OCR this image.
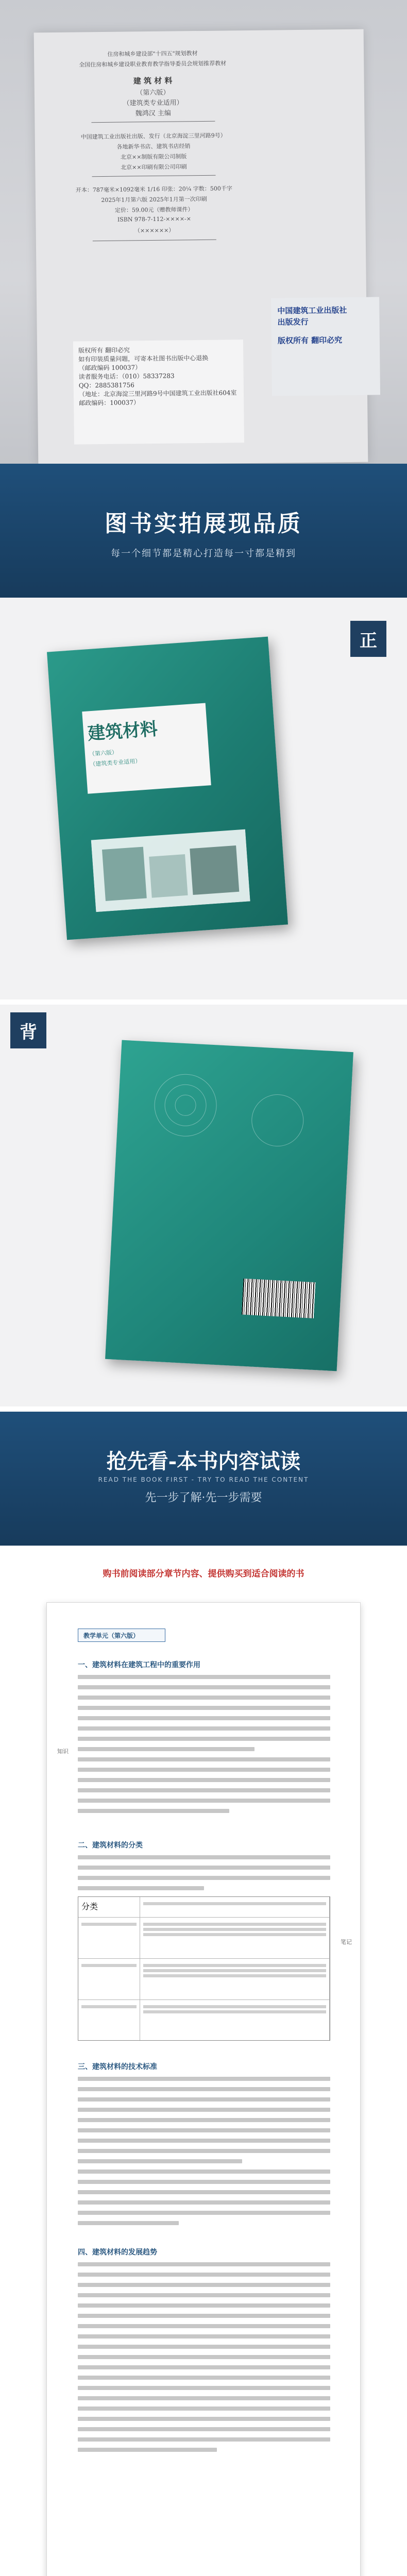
住房和城乡建设部"十四五"规划教材
全国住房和城乡建设职业教育教学指导委员会规划推荐教材
建 筑 材 料
（第六版）
（建筑类专业适用）
魏鸿汉 主编
中国建筑工业出版社出版、发行（北京海淀三里河路9号）
各地新华书店、建筑书店经销
北京××制版有限公司制版
北京××印刷有限公司印刷
开本：787毫米×1092毫米 1/16 印张：20¼ 字数：500千字
2025年1月第六版 2025年1月第一次印刷
定价：59.00元（赠教师课件）
ISBN 978-7-112-××××-×
（××××××）
版权所有 翻印必究
如有印装质量问题，可寄本社图书出版中心退换
（邮政编码 100037）
读者服务电话：（010）58337283
QQ：2885381756
（地址：北京海淀三里河路9号中国建筑工业出版社604室
邮政编码：100037）
中国建筑工业出版社
出版发行
版权所有 翻印必究
图书实拍展现品质
每一个细节都是精心打造每一寸都是精到
正
建筑材料
（第六版）
（建筑类专业适用）
背
抢先看-本书内容试读
READ THE BOOK FIRST - TRY TO READ THE CONTENT
先一步了解·先一步需要
购书前阅读部分章节内容、提供购买到适合阅读的书
教学单元（第六版）
一、建筑材料在建筑工程中的重要作用
知识
二、建筑材料的分类
分类
笔记
三、建筑材料的技术标准
四、建筑材料的发展趋势
